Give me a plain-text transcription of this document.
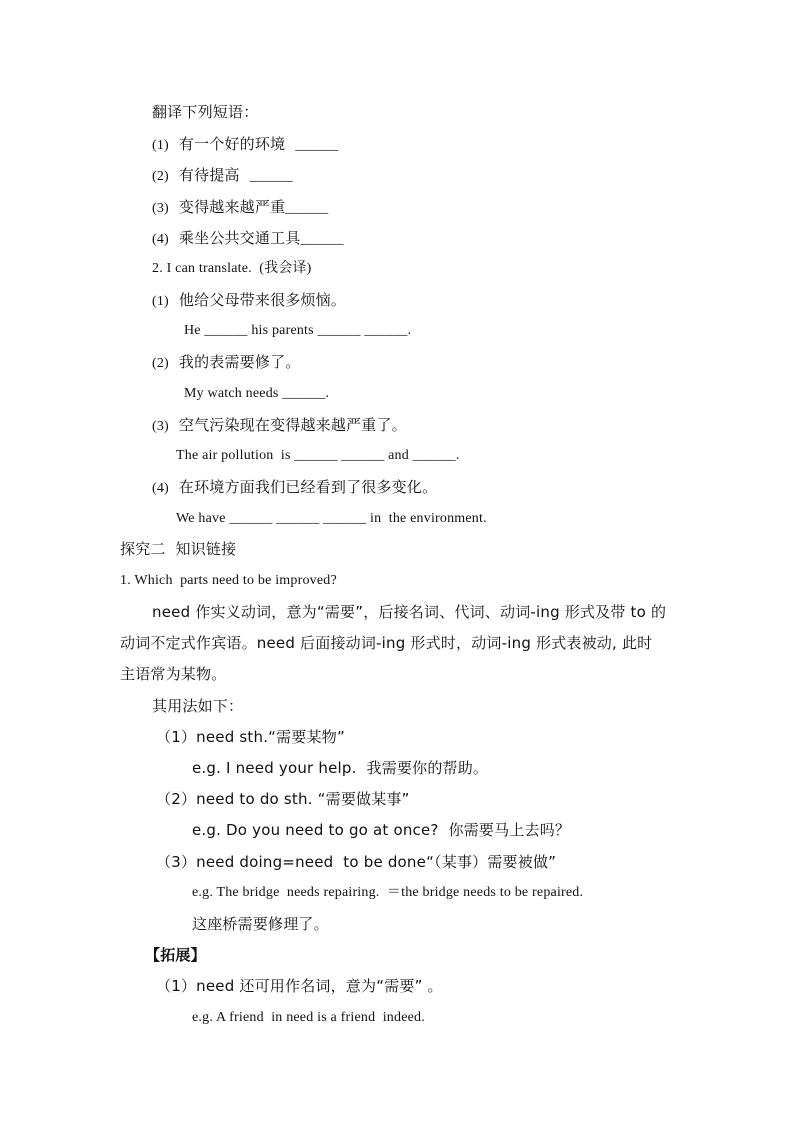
翻译下列短语：
(1) 有一个好的环境 ______
(2) 有待提高 ______
(3) 变得越来越严重______
(4) 乘坐公共交通工具______
2. I can translate.  (我会译)
(1) 他给父母带来很多烦恼。
He ______ his parents ______ ______.
(2) 我的表需要修了。
My watch needs ______.
(3) 空气污染现在变得越来越严重了。
The air pollution  is ______ ______ and ______.
(4) 在环境方面我们已经看到了很多变化。
We have ______ ______ ______ in  the environment.
探究二  知识链接
1. Which  parts need to be improved?
need 作实义动词，意为“需要”，后接名词、代词、动词-ing 形式及带 to 的
动词不定式作宾语。need 后面接动词-ing 形式时，动词-ing 形式表被动, 此时
主语常为某物。
其用法如下：
（1）need sth.“需要某物”
e.g. I need your help.  我需要你的帮助。
（2）need to do sth. “需要做某事”
e.g. Do you need to go at once?  你需要马上去吗？
（3）need doing=need  to be done“（某事）需要被做”
e.g. The bridge  needs repairing.  ＝the bridge needs to be repaired.
这座桥需要修理了。
【拓展】
（1）need 还可用作名词，意为“需要” 。
e.g. A friend  in need is a friend  indeed.
